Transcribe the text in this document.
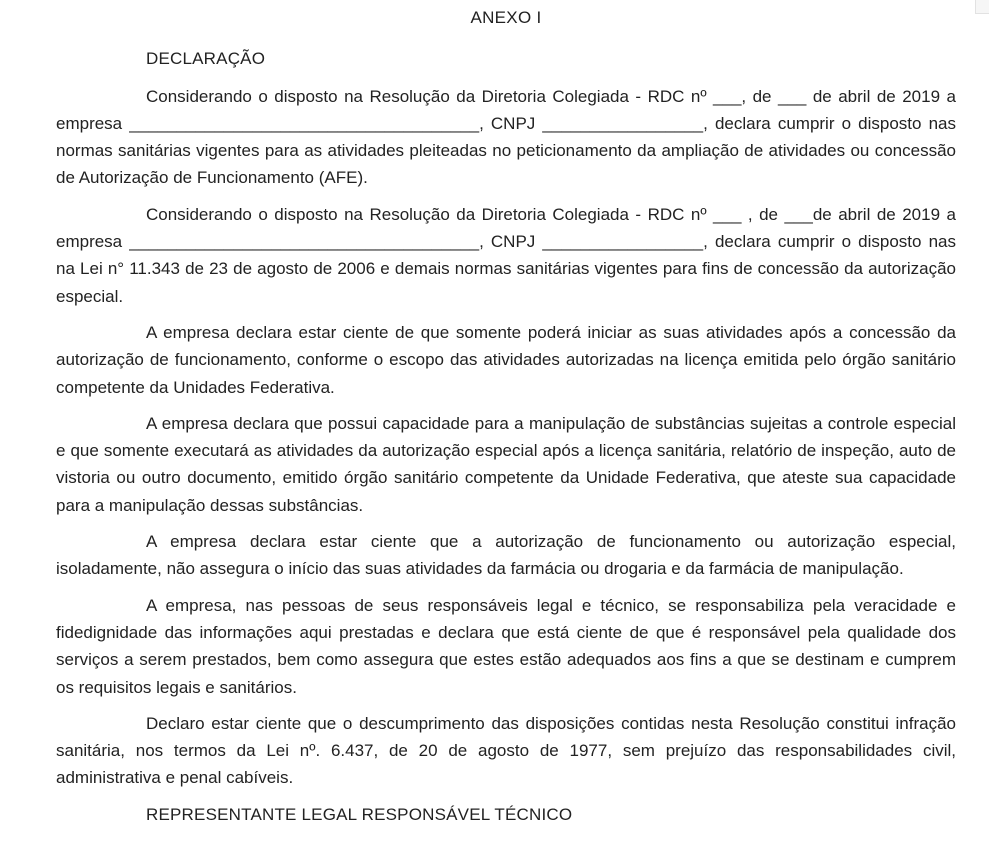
ANEXO I

DECLARAÇÃO

Considerando o disposto na Resolução da Diretoria Colegiada - RDC nº ___, de ___ de abril de 2019 a empresa _____________________________________, CNPJ _________________, declara cumprir o disposto nas normas sanitárias vigentes para as atividades pleiteadas no peticionamento da ampliação de atividades ou concessão de Autorização de Funcionamento (AFE).

Considerando o disposto na Resolução da Diretoria Colegiada - RDC nº ___ , de ___de abril de 2019 a empresa _____________________________________, CNPJ _________________, declara cumprir o disposto nas na Lei n° 11.343 de 23 de agosto de 2006 e demais normas sanitárias vigentes para fins de concessão da autorização especial.

A empresa declara estar ciente de que somente poderá iniciar as suas atividades após a concessão da autorização de funcionamento, conforme o escopo das atividades autorizadas na licença emitida pelo órgão sanitário competente da Unidades Federativa.

A empresa declara que possui capacidade para a manipulação de substâncias sujeitas a controle especial e que somente executará as atividades da autorização especial após a licença sanitária, relatório de inspeção, auto de vistoria ou outro documento, emitido órgão sanitário competente da Unidade Federativa, que ateste sua capacidade para a manipulação dessas substâncias.

A empresa declara estar ciente que a autorização de funcionamento ou autorização especial, isoladamente, não assegura o início das suas atividades da farmácia ou drogaria e da farmácia de manipulação.

A empresa, nas pessoas de seus responsáveis legal e técnico, se responsabiliza pela veracidade e fidedignidade das informações aqui prestadas e declara que está ciente de que é responsável pela qualidade dos serviços a serem prestados, bem como assegura que estes estão adequados aos fins a que se destinam e cumprem os requisitos legais e sanitários.

Declaro estar ciente que o descumprimento das disposições contidas nesta Resolução constitui infração sanitária, nos termos da Lei nº. 6.437, de 20 de agosto de 1977, sem prejuízo das responsabilidades civil, administrativa e penal cabíveis.

REPRESENTANTE LEGAL RESPONSÁVEL TÉCNICO
